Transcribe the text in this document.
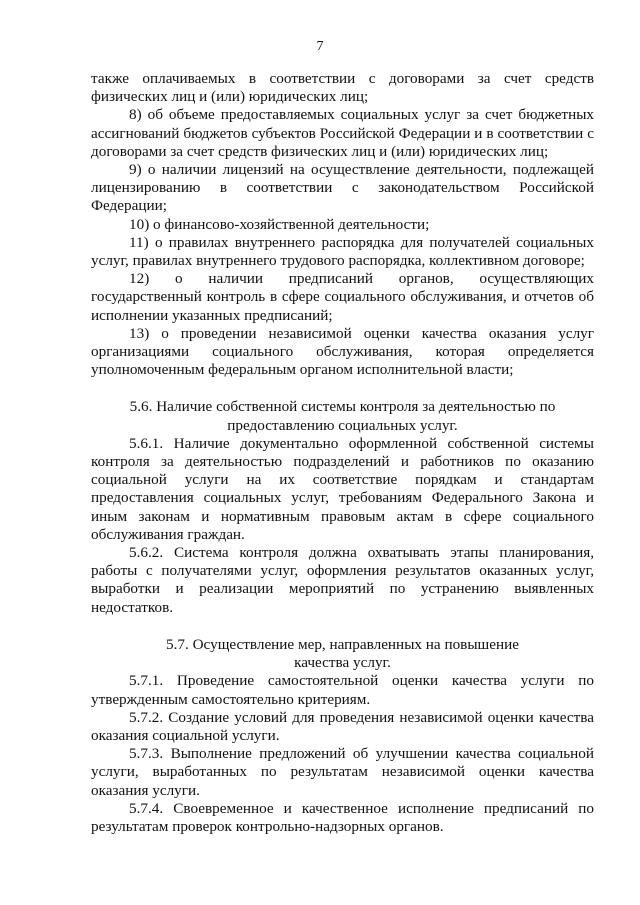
7

также оплачиваемых в соответствии с договорами за счет средств физических лиц и (или) юридических лиц;

8) об объеме предоставляемых социальных услуг за счет бюджетных ассигнований бюджетов субъектов Российской Федерации и в соответствии с договорами за счет средств физических лиц и (или) юридических лиц;

9) о наличии лицензий на осуществление деятельности, подлежащей лицензированию в соответствии с законодательством Российской Федерации;

10) о финансово-хозяйственной деятельности;

11) о правилах внутреннего распорядка для получателей социальных услуг, правилах внутреннего трудового распорядка, коллективном договоре;

12) о наличии предписаний органов, осуществляющих государственный контроль в сфере социального обслуживания, и отчетов об исполнении указанных предписаний;

13) о проведении независимой оценки качества оказания услуг организациями социального обслуживания, которая определяется уполномоченным федеральным органом исполнительной власти;

5.6. Наличие собственной системы контроля за деятельностью по
предоставлению социальных услуг.

5.6.1. Наличие документально оформленной собственной системы контроля за деятельностью подразделений и работников по оказанию социальной услуги на их соответствие порядкам и стандартам предоставления социальных услуг, требованиям Федерального Закона и иным законам и нормативным правовым актам в сфере социального обслуживания граждан.

5.6.2. Система контроля должна охватывать этапы планирования, работы с получателями услуг, оформления результатов оказанных услуг, выработки и реализации мероприятий по устранению выявленных недостатков.

5.7. Осуществление мер, направленных на повышение
качества услуг.

5.7.1. Проведение самостоятельной оценки качества услуги по утвержденным самостоятельно критериям.

5.7.2. Создание условий для проведения независимой оценки качества оказания социальной услуги.

5.7.3. Выполнение предложений об улучшении качества социальной услуги, выработанных по результатам независимой оценки качества оказания услуги.

5.7.4. Своевременное и качественное исполнение предписаний по результатам проверок контрольно-надзорных органов.
